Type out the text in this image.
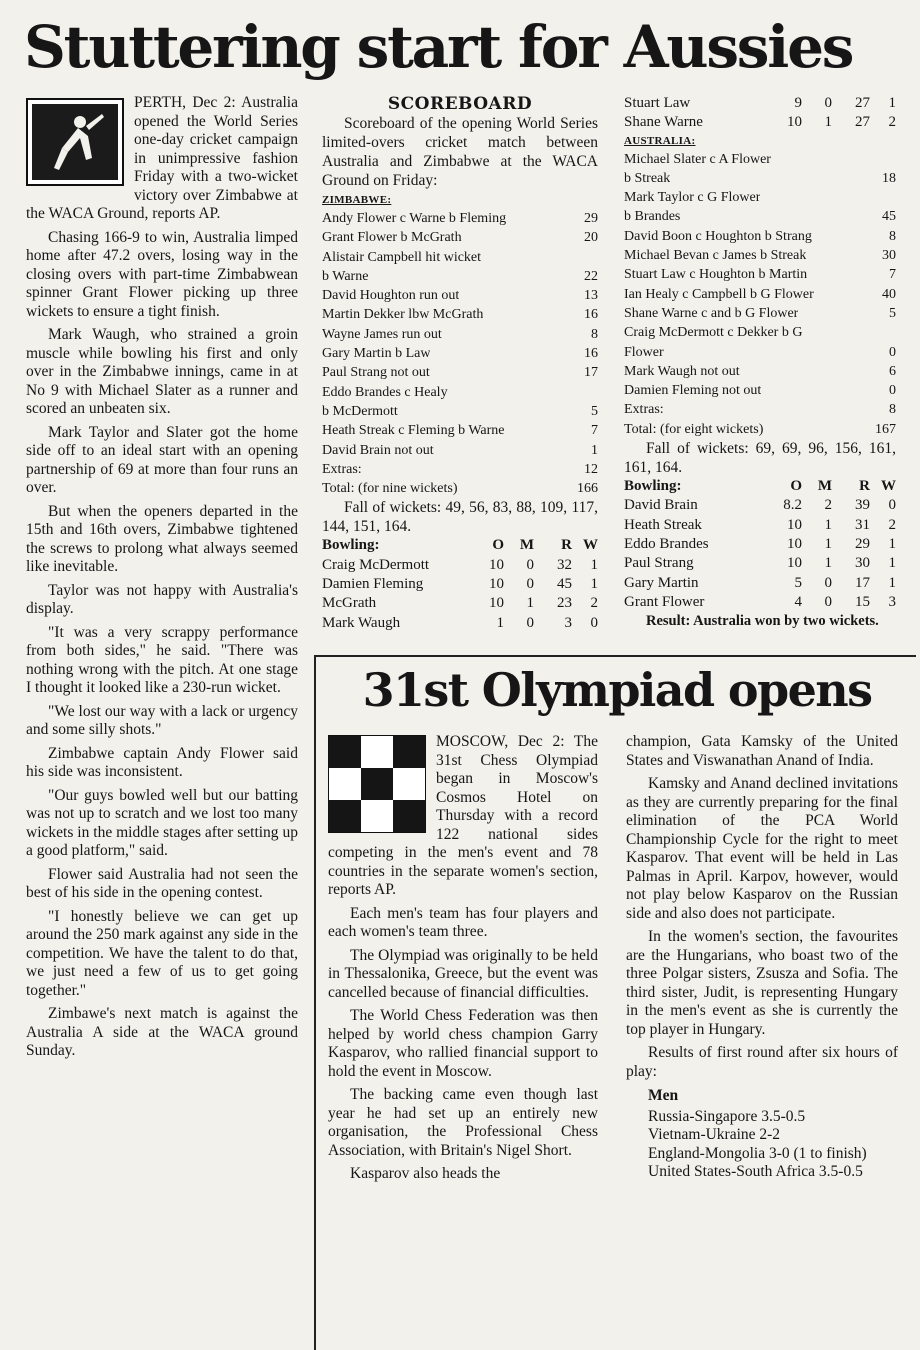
Stuttering start for Aussies

PERTH, Dec 2: Australia opened the World Series one-day cricket campaign in unimpressive fashion Friday with a two-wicket victory over Zimbabwe at the WACA Ground, reports AP.

Chasing 166-9 to win, Australia limped home after 47.2 overs, losing way in the closing overs with part-time Zimbabwean spinner Grant Flower picking up three wickets to ensure a tight finish.

Mark Waugh, who strained a groin muscle while bowling his first and only over in the Zimbabwe innings, came in at No 9 with Michael Slater as a runner and scored an unbeaten six.

Mark Taylor and Slater got the home side off to an ideal start with an opening partnership of 69 at more than four runs an over.

But when the openers departed in the 15th and 16th overs, Zimbabwe tightened the screws to prolong what always seemed like inevitable.

Taylor was not happy with Australia's display.

"It was a very scrappy performance from both sides," he said. "There was nothing wrong with the pitch. At one stage I thought it looked like a 230-run wicket.

"We lost our way with a lack or urgency and some silly shots."

Zimbabwe captain Andy Flower said his side was inconsistent.

"Our guys bowled well but our batting was not up to scratch and we lost too many wickets in the middle stages after setting up a good platform," said.

Flower said Australia had not seen the best of his side in the opening contest.

"I honestly believe we can get up around the 250 mark against any side in the competition. We have the talent to do that, we just need a few of us to get going together."

Zimbawe's next match is against the Australia A side at the WACA ground Sunday.

SCOREBOARD
Scoreboard of the opening World Series limited-overs cricket match between Australia and Zimbabwe at the WACA Ground on Friday:
ZIMBABWE:
Andy Flower c Warne b Fleming	29
Grant Flower b McGrath	20
Alistair Campbell hit wicket
b Warne	22
David Houghton run out	13
Martin Dekker lbw McGrath	16
Wayne James run out	8
Gary Martin b Law	16
Paul Strang not out	17
Eddo Brandes c Healy
b McDermott	5
Heath Streak c Fleming b Warne	7
David Brain not out	1
Extras:	12
Total: (for nine wickets)	166
Fall of wickets: 49, 56, 83, 88, 109, 117, 144, 151, 164.
Bowling:	O	M	R W
Craig McDermott	10	0	32	1
Damien Fleming	10	0	45	1
McGrath	10	1	23	2
Mark Waugh	1	0	3	0
Stuart Law	9	0	27	1
Shane Warne	10	1	27	2
AUSTRALIA:
Michael Slater c A Flower
b Streak	18
Mark Taylor c G Flower
b Brandes	45
David Boon c Houghton b Strang	8
Michael Bevan c James b Streak	30
Stuart Law c Houghton b Martin	7
Ian Healy c Campbell b G Flower	40
Shane Warne c and b G Flower	5
Craig McDermott c Dekker b G
Flower	0
Mark Waugh not out	6
Damien Fleming not out	0
Extras:	8
Total: (for eight wickets)	167
Fall of wickets: 69, 69, 96, 156, 161, 161, 164.
Bowling:	O	M	R W
David Brain	8.2	2	39	0
Heath Streak	10	1	31	2
Eddo Brandes	10	1	29	1
Paul Strang	10	1	30	1
Gary Martin	5	0	17	1
Grant Flower	4	0	15	3
Result: Australia won by two wickets.
31st Olympiad opens

MOSCOW, Dec 2: The 31st Chess Olympiad began in Moscow's Cosmos Hotel on Thursday with a record 122 national sides competing in the men's event and 78 countries in the separate women's section, reports AP.

Each men's team has four players and each women's team three.

The Olympiad was originally to be held in Thessalonika, Greece, but the event was cancelled because of financial difficulties.

The World Chess Federation was then helped by world chess champion Garry Kasparov, who rallied financial support to hold the event in Moscow.

The backing came even though last year he had set up an entirely new organisation, the Professional Chess Association, with Britain's Nigel Short.

Kasparov also heads the

champion, Gata Kamsky of the United States and Viswanathan Anand of India.

Kamsky and Anand declined invitations as they are currently preparing for the final elimination of the PCA World Championship Cycle for the right to meet Kasparov. That event will be held in Las Palmas in April. Karpov, however, would not play below Kasparov on the Russian side and also does not participate.

In the women's section, the favourites are the Hungarians, who boast two of the three Polgar sisters, Zsusza and Sofia. The third sister, Judit, is representing Hungary in the men's event as she is currently the top player in Hungary.

Results of first round after six hours of play:

Men
Russia-Singapore 3.5-0.5
Vietnam-Ukraine 2-2
England-Mongolia 3-0 (1 to finish)
United States-South Africa 3.5-0.5
